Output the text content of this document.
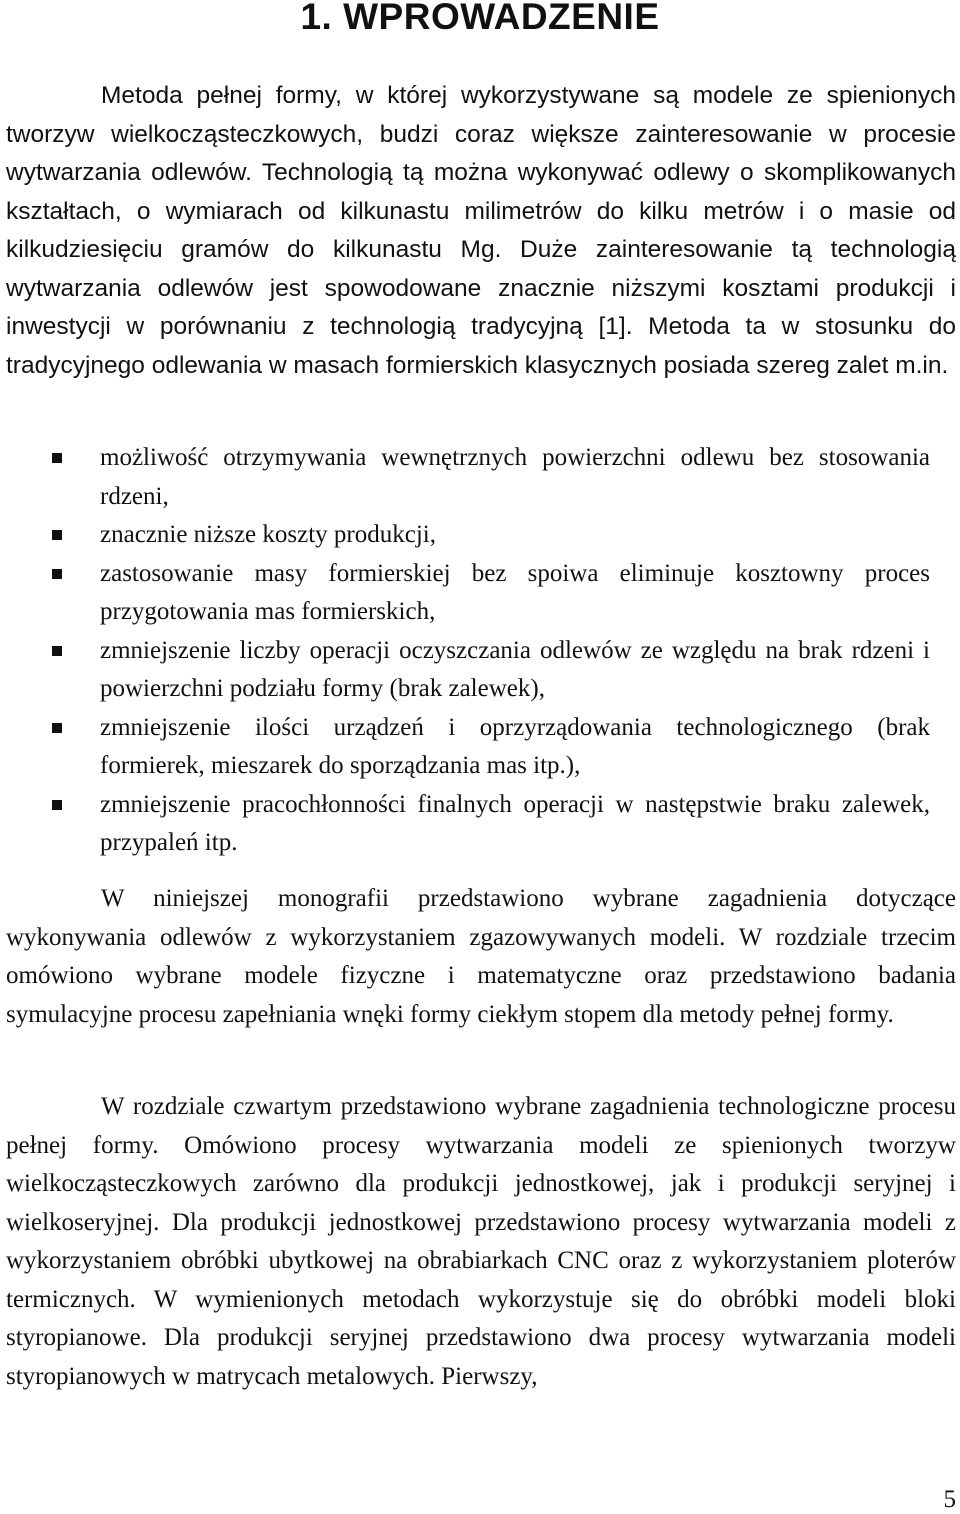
1. WPROWADZENIE

Metoda pełnej formy, w której wykorzystywane są modele ze spienionych tworzyw wielkocząsteczkowych, budzi coraz większe zainteresowanie w procesie wytwarzania odlewów. Technologią tą można wykonywać odlewy o skomplikowanych kształtach, o wymiarach od kilkunastu milimetrów do kilku metrów i o masie od kilkudziesięciu gramów do kilkunastu Mg. Duże zainteresowanie tą technologią wytwarzania odlewów jest spowodowane znacznie niższymi kosztami produkcji i inwestycji w porównaniu z technologią tradycyjną [1]. Metoda ta w stosunku do tradycyjnego odlewania w masach formierskich klasycznych posiada szereg zalet m.in.

możliwość otrzymywania wewnętrznych powierzchni odlewu bez stosowania rdzeni,
znacznie niższe koszty produkcji,
zastosowanie masy formierskiej bez spoiwa eliminuje kosztowny proces przygotowania mas formierskich,
zmniejszenie liczby operacji oczyszczania odlewów ze względu na brak rdzeni i powierzchni podziału formy (brak zalewek),
zmniejszenie ilości urządzeń i oprzyrządowania technologicznego (brak formierek, mieszarek do sporządzania mas itp.),
zmniejszenie pracochłonności finalnych operacji w następstwie braku zalewek, przypaleń itp.

W niniejszej monografii przedstawiono wybrane zagadnienia dotyczące wykonywania odlewów z wykorzystaniem zgazowywanych modeli. W rozdziale trzecim omówiono wybrane modele fizyczne i matematyczne oraz przedstawiono badania symulacyjne procesu zapełniania wnęki formy ciekłym stopem dla metody pełnej formy.

W rozdziale czwartym przedstawiono wybrane zagadnienia technologiczne procesu pełnej formy. Omówiono procesy wytwarzania modeli ze spienionych tworzyw wielkocząsteczkowych zarówno dla produkcji jednostkowej, jak i produkcji seryjnej i wielkoseryjnej. Dla produkcji jednostkowej przedstawiono procesy wytwarzania modeli z wykorzystaniem obróbki ubytkowej na obrabiarkach CNC oraz z wykorzystaniem ploterów termicznych. W wymienionych metodach wykorzystuje się do obróbki modeli bloki styropianowe. Dla produkcji seryjnej przedstawiono dwa procesy wytwarzania modeli styropianowych w matrycach metalowych. Pierwszy,

5
